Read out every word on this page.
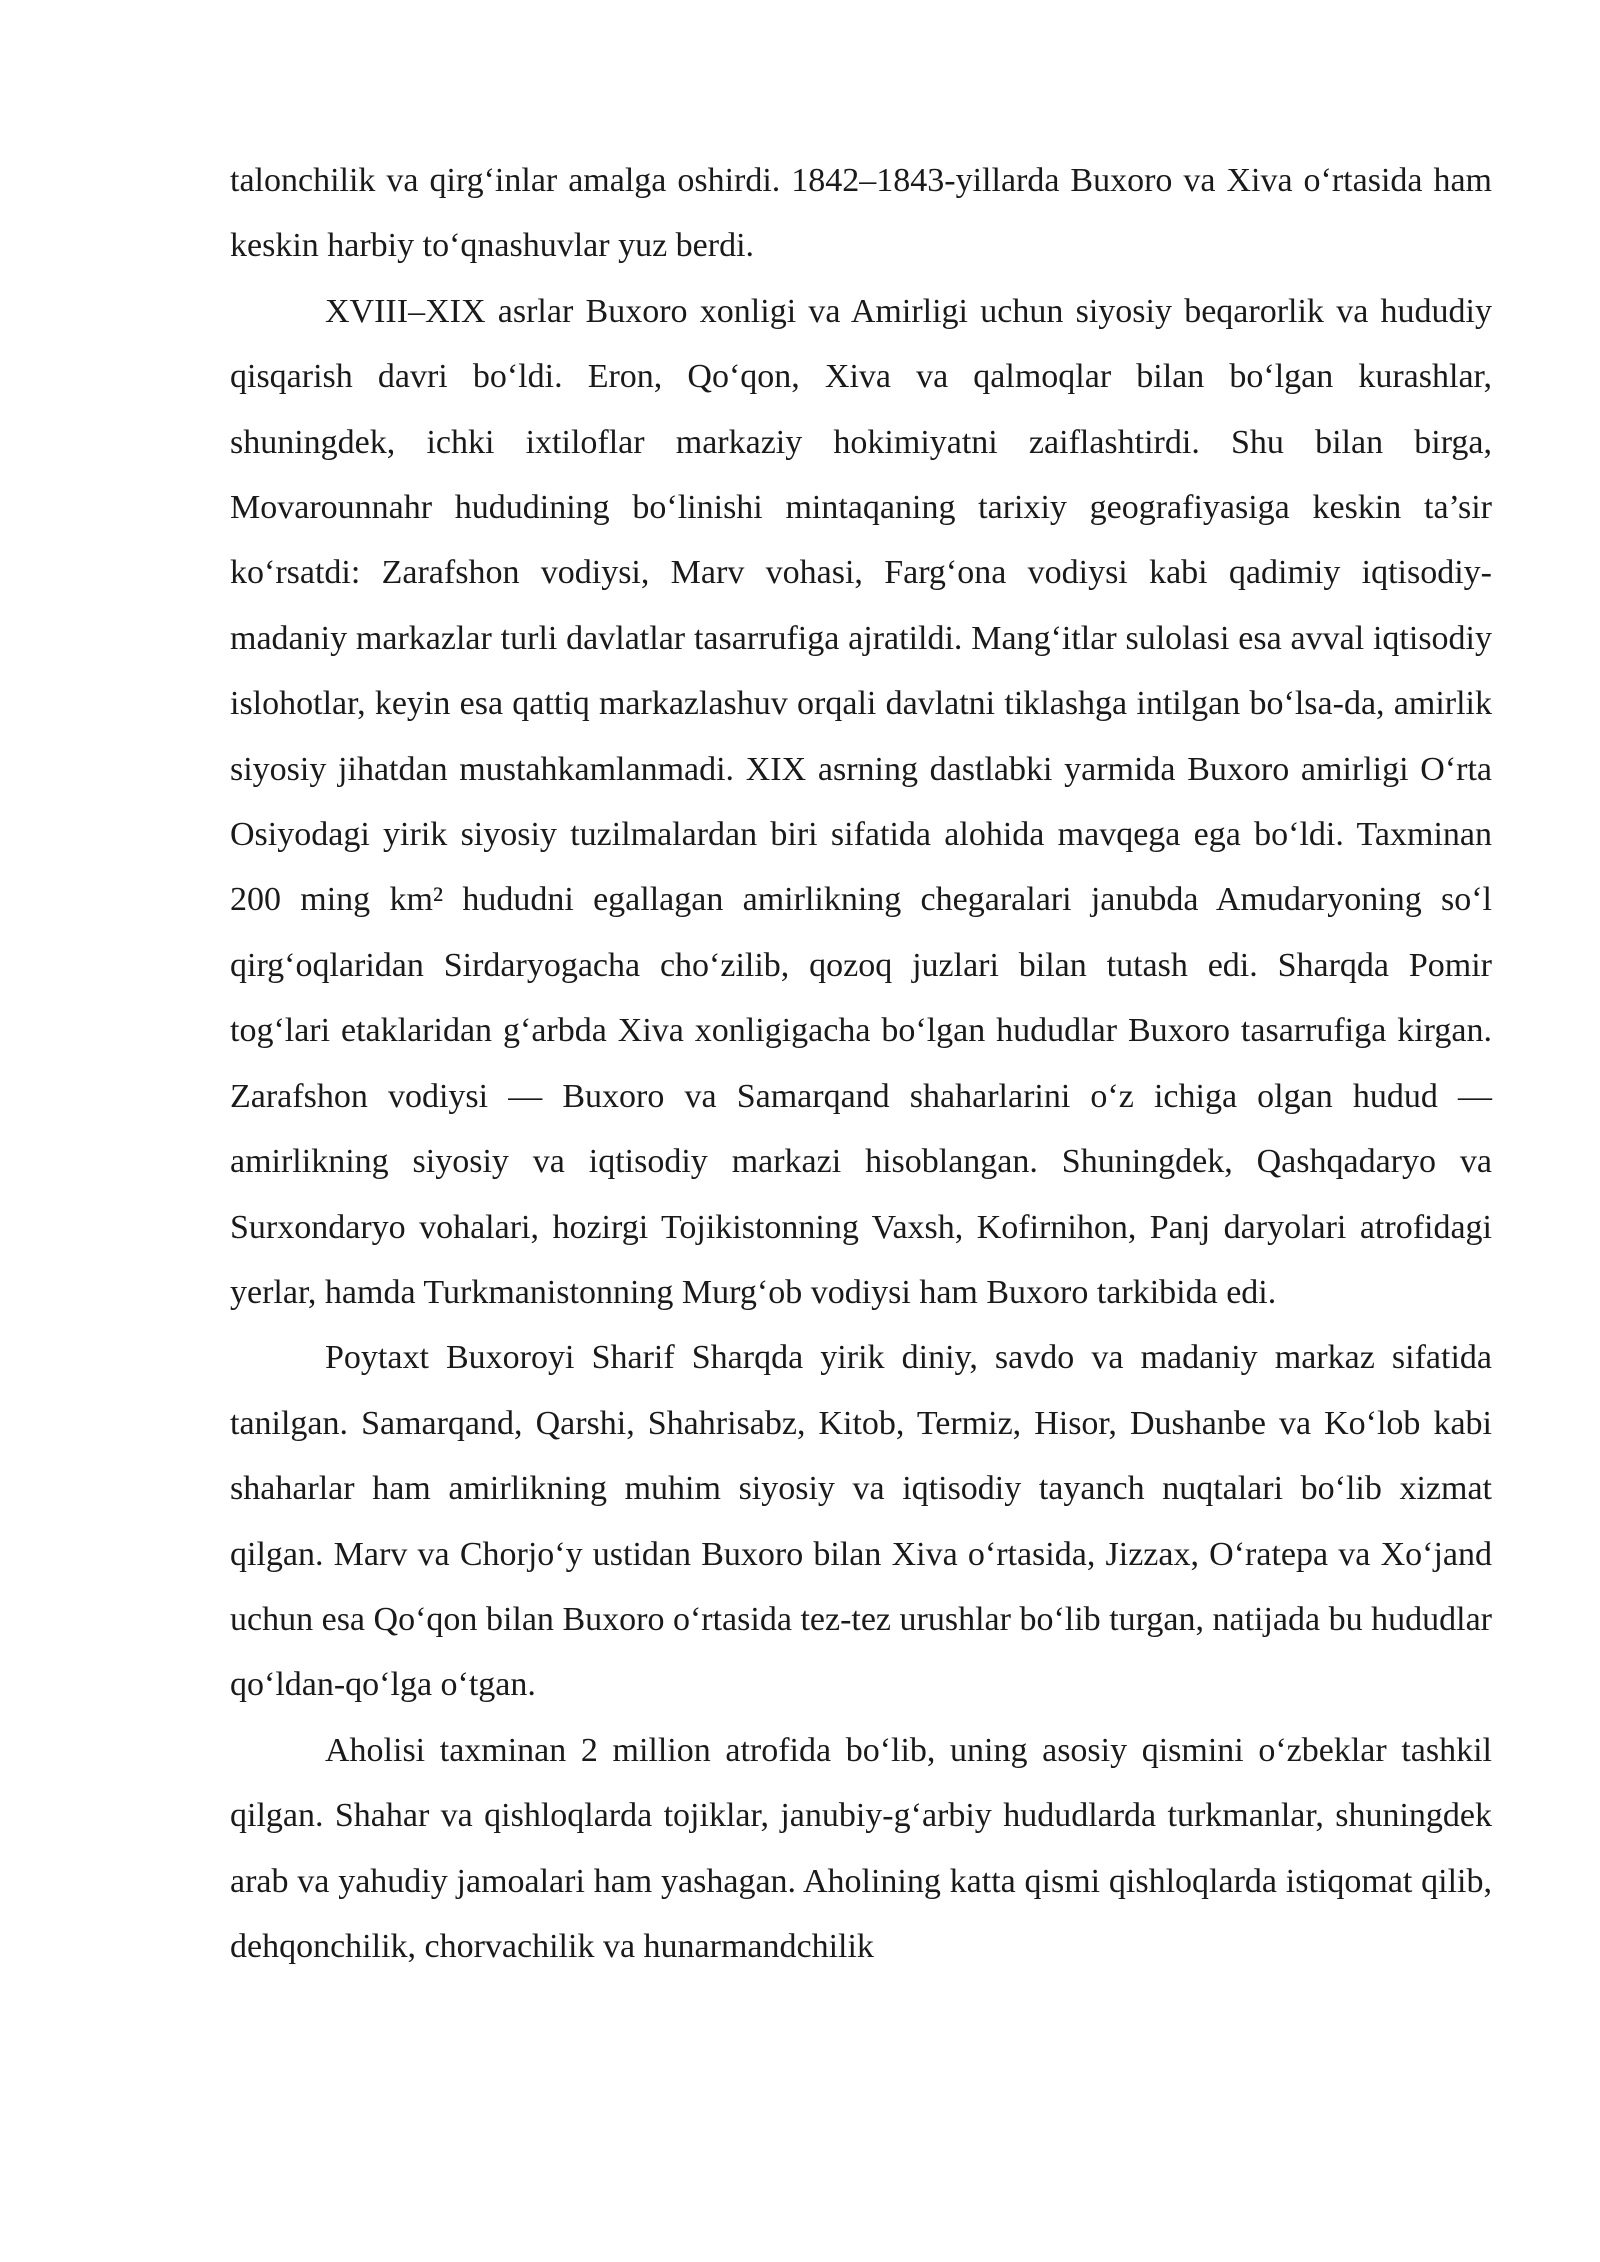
talonchilik va qirg‘inlar amalga oshirdi. 1842–1843-yillarda Buxoro va Xiva o‘rtasida ham keskin harbiy to‘qnashuvlar yuz berdi.

XVIII–XIX asrlar Buxoro xonligi va Amirligi uchun siyosiy beqarorlik va hududiy qisqarish davri bo‘ldi. Eron, Qo‘qon, Xiva va qalmoqlar bilan bo‘lgan kurashlar, shuningdek, ichki ixtiloflar markaziy hokimiyatni zaiflashtirdi. Shu bilan birga, Movarounnahr hududining bo‘linishi mintaqaning tarixiy geografiyasiga keskin ta’sir ko‘rsatdi: Zarafshon vodiysi, Marv vohasi, Farg‘ona vodiysi kabi qadimiy iqtisodiy-madaniy markazlar turli davlatlar tasarrufiga ajratildi. Mang‘itlar sulolasi esa avval iqtisodiy islohotlar, keyin esa qattiq markazlashuv orqali davlatni tiklashga intilgan bo‘lsa-da, amirlik siyosiy jihatdan mustahkamlanmadi. XIX asrning dastlabki yarmida Buxoro amirligi O‘rta Osiyodagi yirik siyosiy tuzilmalardan biri sifatida alohida mavqega ega bo‘ldi. Taxminan 200 ming km² hududni egallagan amirlikning chegaralari janubda Amudaryoning so‘l qirg‘oqlaridan Sirdaryogacha cho‘zilib, qozoq juzlari bilan tutash edi. Sharqda Pomir tog‘lari etaklaridan g‘arbda Xiva xonligigacha bo‘lgan hududlar Buxoro tasarrufiga kirgan. Zarafshon vodiysi — Buxoro va Samarqand shaharlarini o‘z ichiga olgan hudud — amirlikning siyosiy va iqtisodiy markazi hisoblangan. Shuningdek, Qashqadaryo va Surxondaryo vohalari, hozirgi Tojikistonning Vaxsh, Kofirnihon, Panj daryolari atrofidagi yerlar, hamda Turkmanistonning Murg‘ob vodiysi ham Buxoro tarkibida edi.

Poytaxt Buxoroyi Sharif Sharqda yirik diniy, savdo va madaniy markaz sifatida tanilgan. Samarqand, Qarshi, Shahrisabz, Kitob, Termiz, Hisor, Dushanbe va Ko‘lob kabi shaharlar ham amirlikning muhim siyosiy va iqtisodiy tayanch nuqtalari bo‘lib xizmat qilgan. Marv va Chorjo‘y ustidan Buxoro bilan Xiva o‘rtasida, Jizzax, O‘ratepa va Xo‘jand uchun esa Qo‘qon bilan Buxoro o‘rtasida tez-tez urushlar bo‘lib turgan, natijada bu hududlar qo‘ldan-qo‘lga o‘tgan.

Aholisi taxminan 2 million atrofida bo‘lib, uning asosiy qismini o‘zbeklar tashkil qilgan. Shahar va qishloqlarda tojiklar, janubiy-g‘arbiy hududlarda turkmanlar, shuningdek arab va yahudiy jamoalari ham yashagan. Aholining katta qismi qishloqlarda istiqomat qilib, dehqonchilik, chorvachilik va hunarmandchilik
